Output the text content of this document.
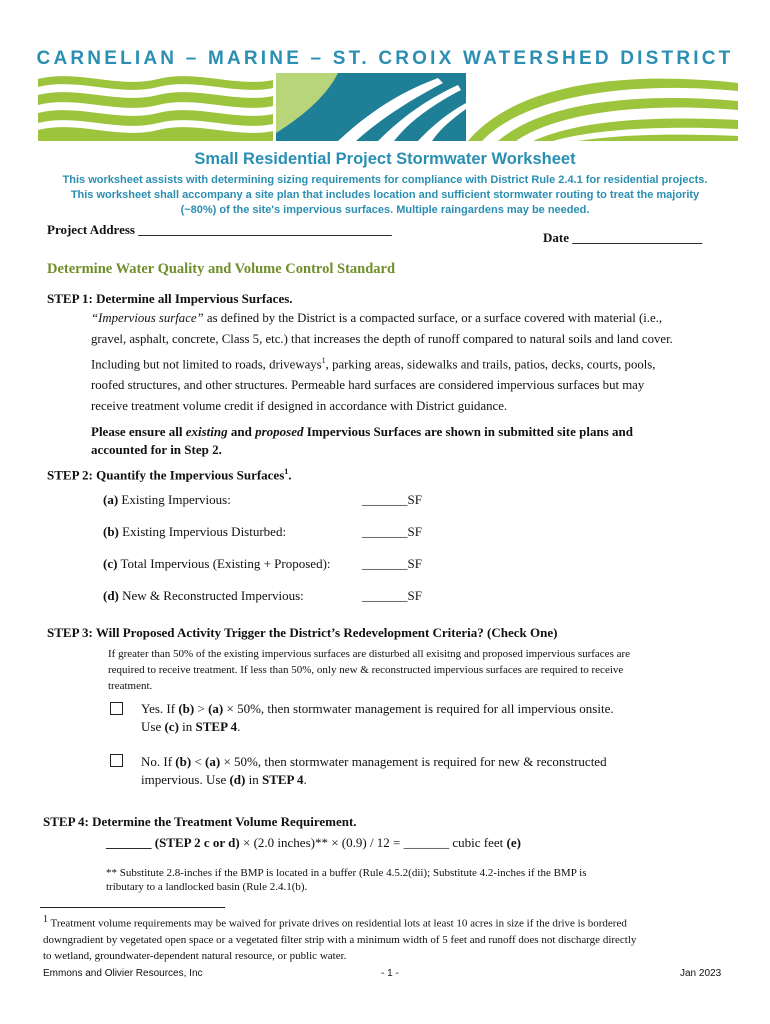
CARNELIAN – MARINE – ST. CROIX WATERSHED DISTRICT
Small Residential Project Stormwater Worksheet
This worksheet assists with determining sizing requirements for compliance with District Rule 2.4.1 for residential projects.
This worksheet shall accompany a site plan that includes location and sufficient stormwater routing to treat the majority
(~80%) of the site's impervious surfaces. Multiple raingardens may be needed.
Project Address _______________________________________
Date ____________________
Determine Water Quality and Volume Control Standard
STEP 1: Determine all Impervious Surfaces.
“Impervious surface” as defined by the District is a compacted surface, or a surface covered with material (i.e.,
gravel, asphalt, concrete, Class 5, etc.) that increases the depth of runoff compared to natural soils and land cover.
Including but not limited to roads, driveways$^1$, parking areas, sidewalks and trails, patios, decks, courts, pools,
roofed structures, and other structures. Permeable hard surfaces are considered impervious surfaces but may
receive treatment volume credit if designed in accordance with District guidance.
Please ensure all existing and proposed Impervious Surfaces are shown in submitted site plans and
accounted for in Step 2.
STEP 2: Quantify the Impervious Surfaces$^1$.
(a) Existing Impervious:	_______SF
(b) Existing Impervious Disturbed:	_______SF
(c) Total Impervious (Existing + Proposed): _______SF
(d) New & Reconstructed Impervious:	_______SF
STEP 3: Will Proposed Activity Trigger the District’s Redevelopment Criteria? (Check One)
If greater than 50% of the existing impervious surfaces are disturbed all exisitng and proposed impervious surfaces are
required to receive treatment. If less than 50%, only new & reconstructed impervious surfaces are required to receive
treatment.
Yes. If (b) > (a) × 50%, then stormwater management is required for all impervious onsite.
Use (c) in STEP 4.
No. If (b) < (a) × 50%, then stormwater management is required for new & reconstructed
impervious. Use (d) in STEP 4.
STEP 4: Determine the Treatment Volume Requirement.
_______ (STEP 2 c or d) × (2.0 inches)** × (0.9) / 12 = _______ cubic feet (e)
** Substitute 2.8-inches if the BMP is located in a buffer (Rule 4.5.2(dii); Substitute 4.2-inches if the BMP is
tributary to a landlocked basin (Rule 2.4.1(b).
$^1$ Treatment volume requirements may be waived for private drives on residential lots at least 10 acres in size if the drive is bordered
downgradient by vegetated open space or a vegetated filter strip with a minimum width of 5 feet and runoff does not discharge directly
to wetland, groundwater-dependent natural resource, or public water.
Emmons and Olivier Resources, Inc	- 1 -	Jan 2023
